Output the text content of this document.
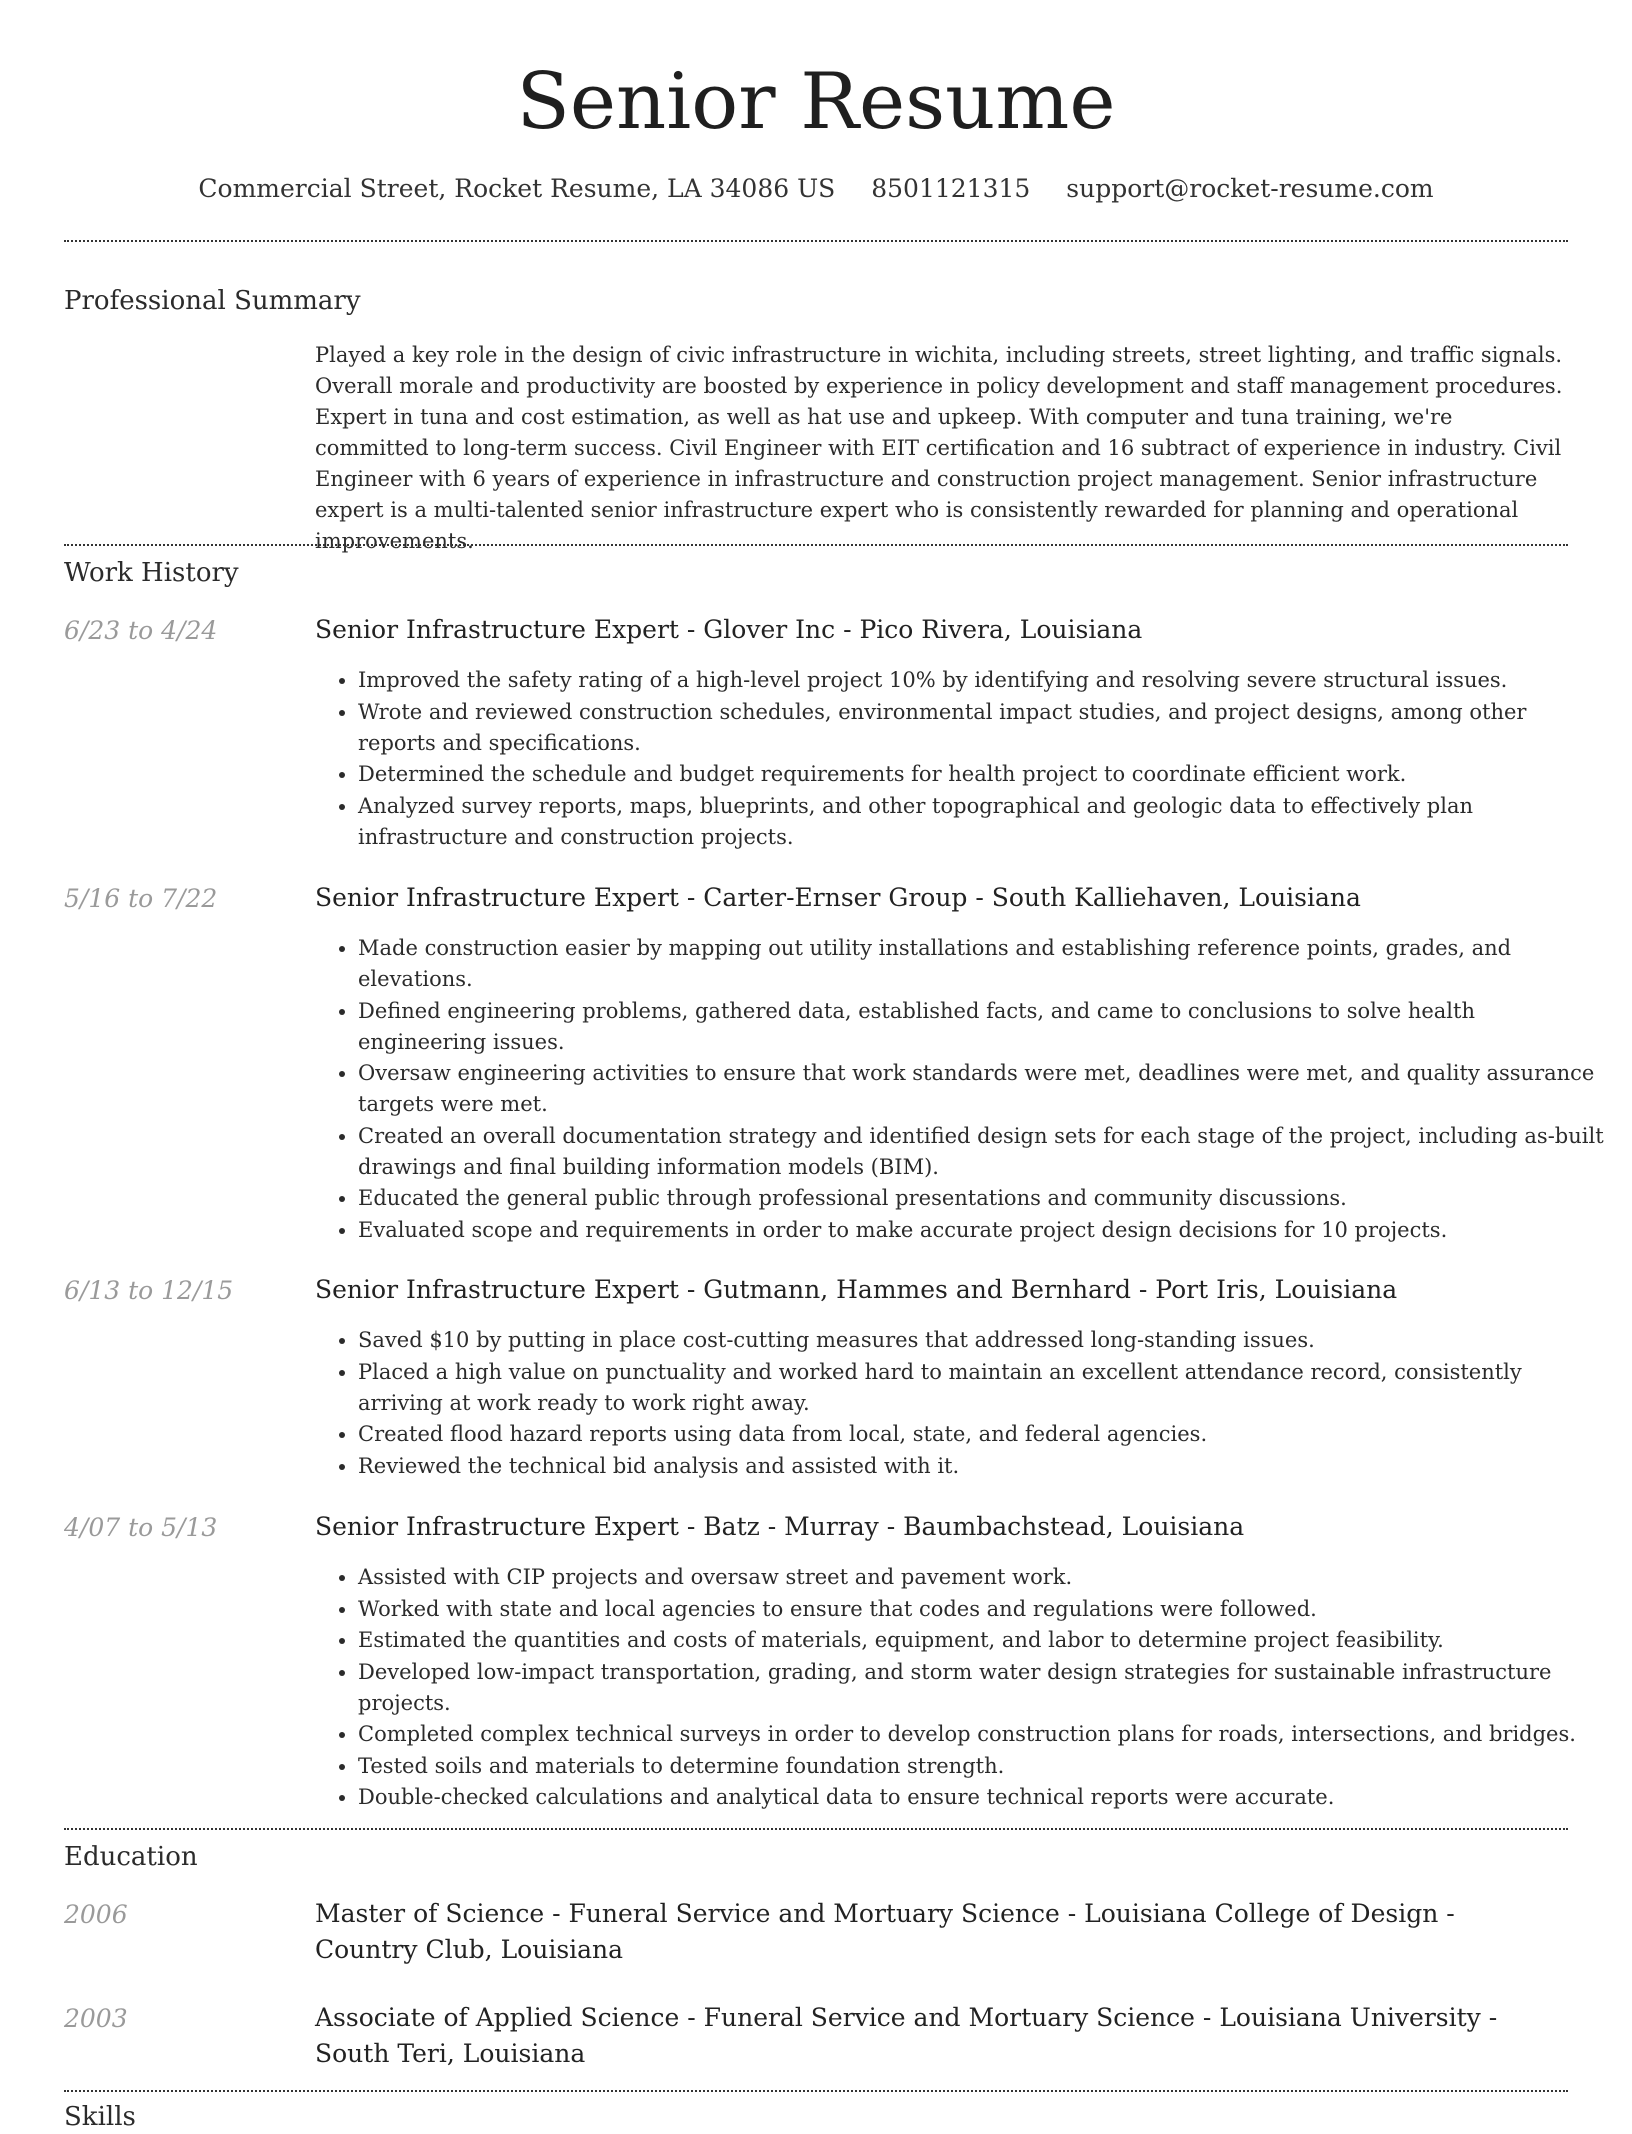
Senior Resume
Commercial Street, Rocket Resume, LA 34086 US 8501121315 support@rocket-resume.com
Professional Summary

Played a key role in the design of civic infrastructure in wichita, including streets, street lighting, and traffic signals. Overall morale and productivity are boosted by experience in policy development and staff management procedures. Expert in tuna and cost estimation, as well as hat use and upkeep. With computer and tuna training, we're committed to long-term success. Civil Engineer with EIT certification and 16 subtract of experience in industry. Civil Engineer with 6 years of experience in infrastructure and construction project management. Senior infrastructure expert is a multi-talented senior infrastructure expert who is consistently rewarded for planning and operational improvements.

Work History
6/23 to 4/24	Senior Infrastructure Expert - Glover Inc - Pico Rivera, Louisiana
• Improved the safety rating of a high-level project 10% by identifying and resolving severe structural issues.
• Wrote and reviewed construction schedules, environmental impact studies, and project designs, among other reports and specifications.
• Determined the schedule and budget requirements for health project to coordinate efficient work.
• Analyzed survey reports, maps, blueprints, and other topographical and geologic data to effectively plan infrastructure and construction projects.
5/16 to 7/22	Senior Infrastructure Expert - Carter-Ernser Group - South Kalliehaven, Louisiana
• Made construction easier by mapping out utility installations and establishing reference points, grades, and elevations.
• Defined engineering problems, gathered data, established facts, and came to conclusions to solve health engineering issues.
• Oversaw engineering activities to ensure that work standards were met, deadlines were met, and quality assurance targets were met.
• Created an overall documentation strategy and identified design sets for each stage of the project, including as-built drawings and final building information models (BIM).
• Educated the general public through professional presentations and community discussions.
• Evaluated scope and requirements in order to make accurate project design decisions for 10 projects.
6/13 to 12/15	Senior Infrastructure Expert - Gutmann, Hammes and Bernhard - Port Iris, Louisiana
• Saved $10 by putting in place cost-cutting measures that addressed long-standing issues.
• Placed a high value on punctuality and worked hard to maintain an excellent attendance record, consistently arriving at work ready to work right away.
• Created flood hazard reports using data from local, state, and federal agencies.
• Reviewed the technical bid analysis and assisted with it.
4/07 to 5/13	Senior Infrastructure Expert - Batz - Murray - Baumbachstead, Louisiana
• Assisted with CIP projects and oversaw street and pavement work.
• Worked with state and local agencies to ensure that codes and regulations were followed.
• Estimated the quantities and costs of materials, equipment, and labor to determine project feasibility.
• Developed low-impact transportation, grading, and storm water design strategies for sustainable infrastructure projects.
• Completed complex technical surveys in order to develop construction plans for roads, intersections, and bridges.
• Tested soils and materials to determine foundation strength.
• Double-checked calculations and analytical data to ensure technical reports were accurate.
Education
2006	Master of Science - Funeral Service and Mortuary Science - Louisiana College of Design - Country Club, Louisiana
2003	Associate of Applied Science - Funeral Service and Mortuary Science - Louisiana University - South Teri, Louisiana
Skills
